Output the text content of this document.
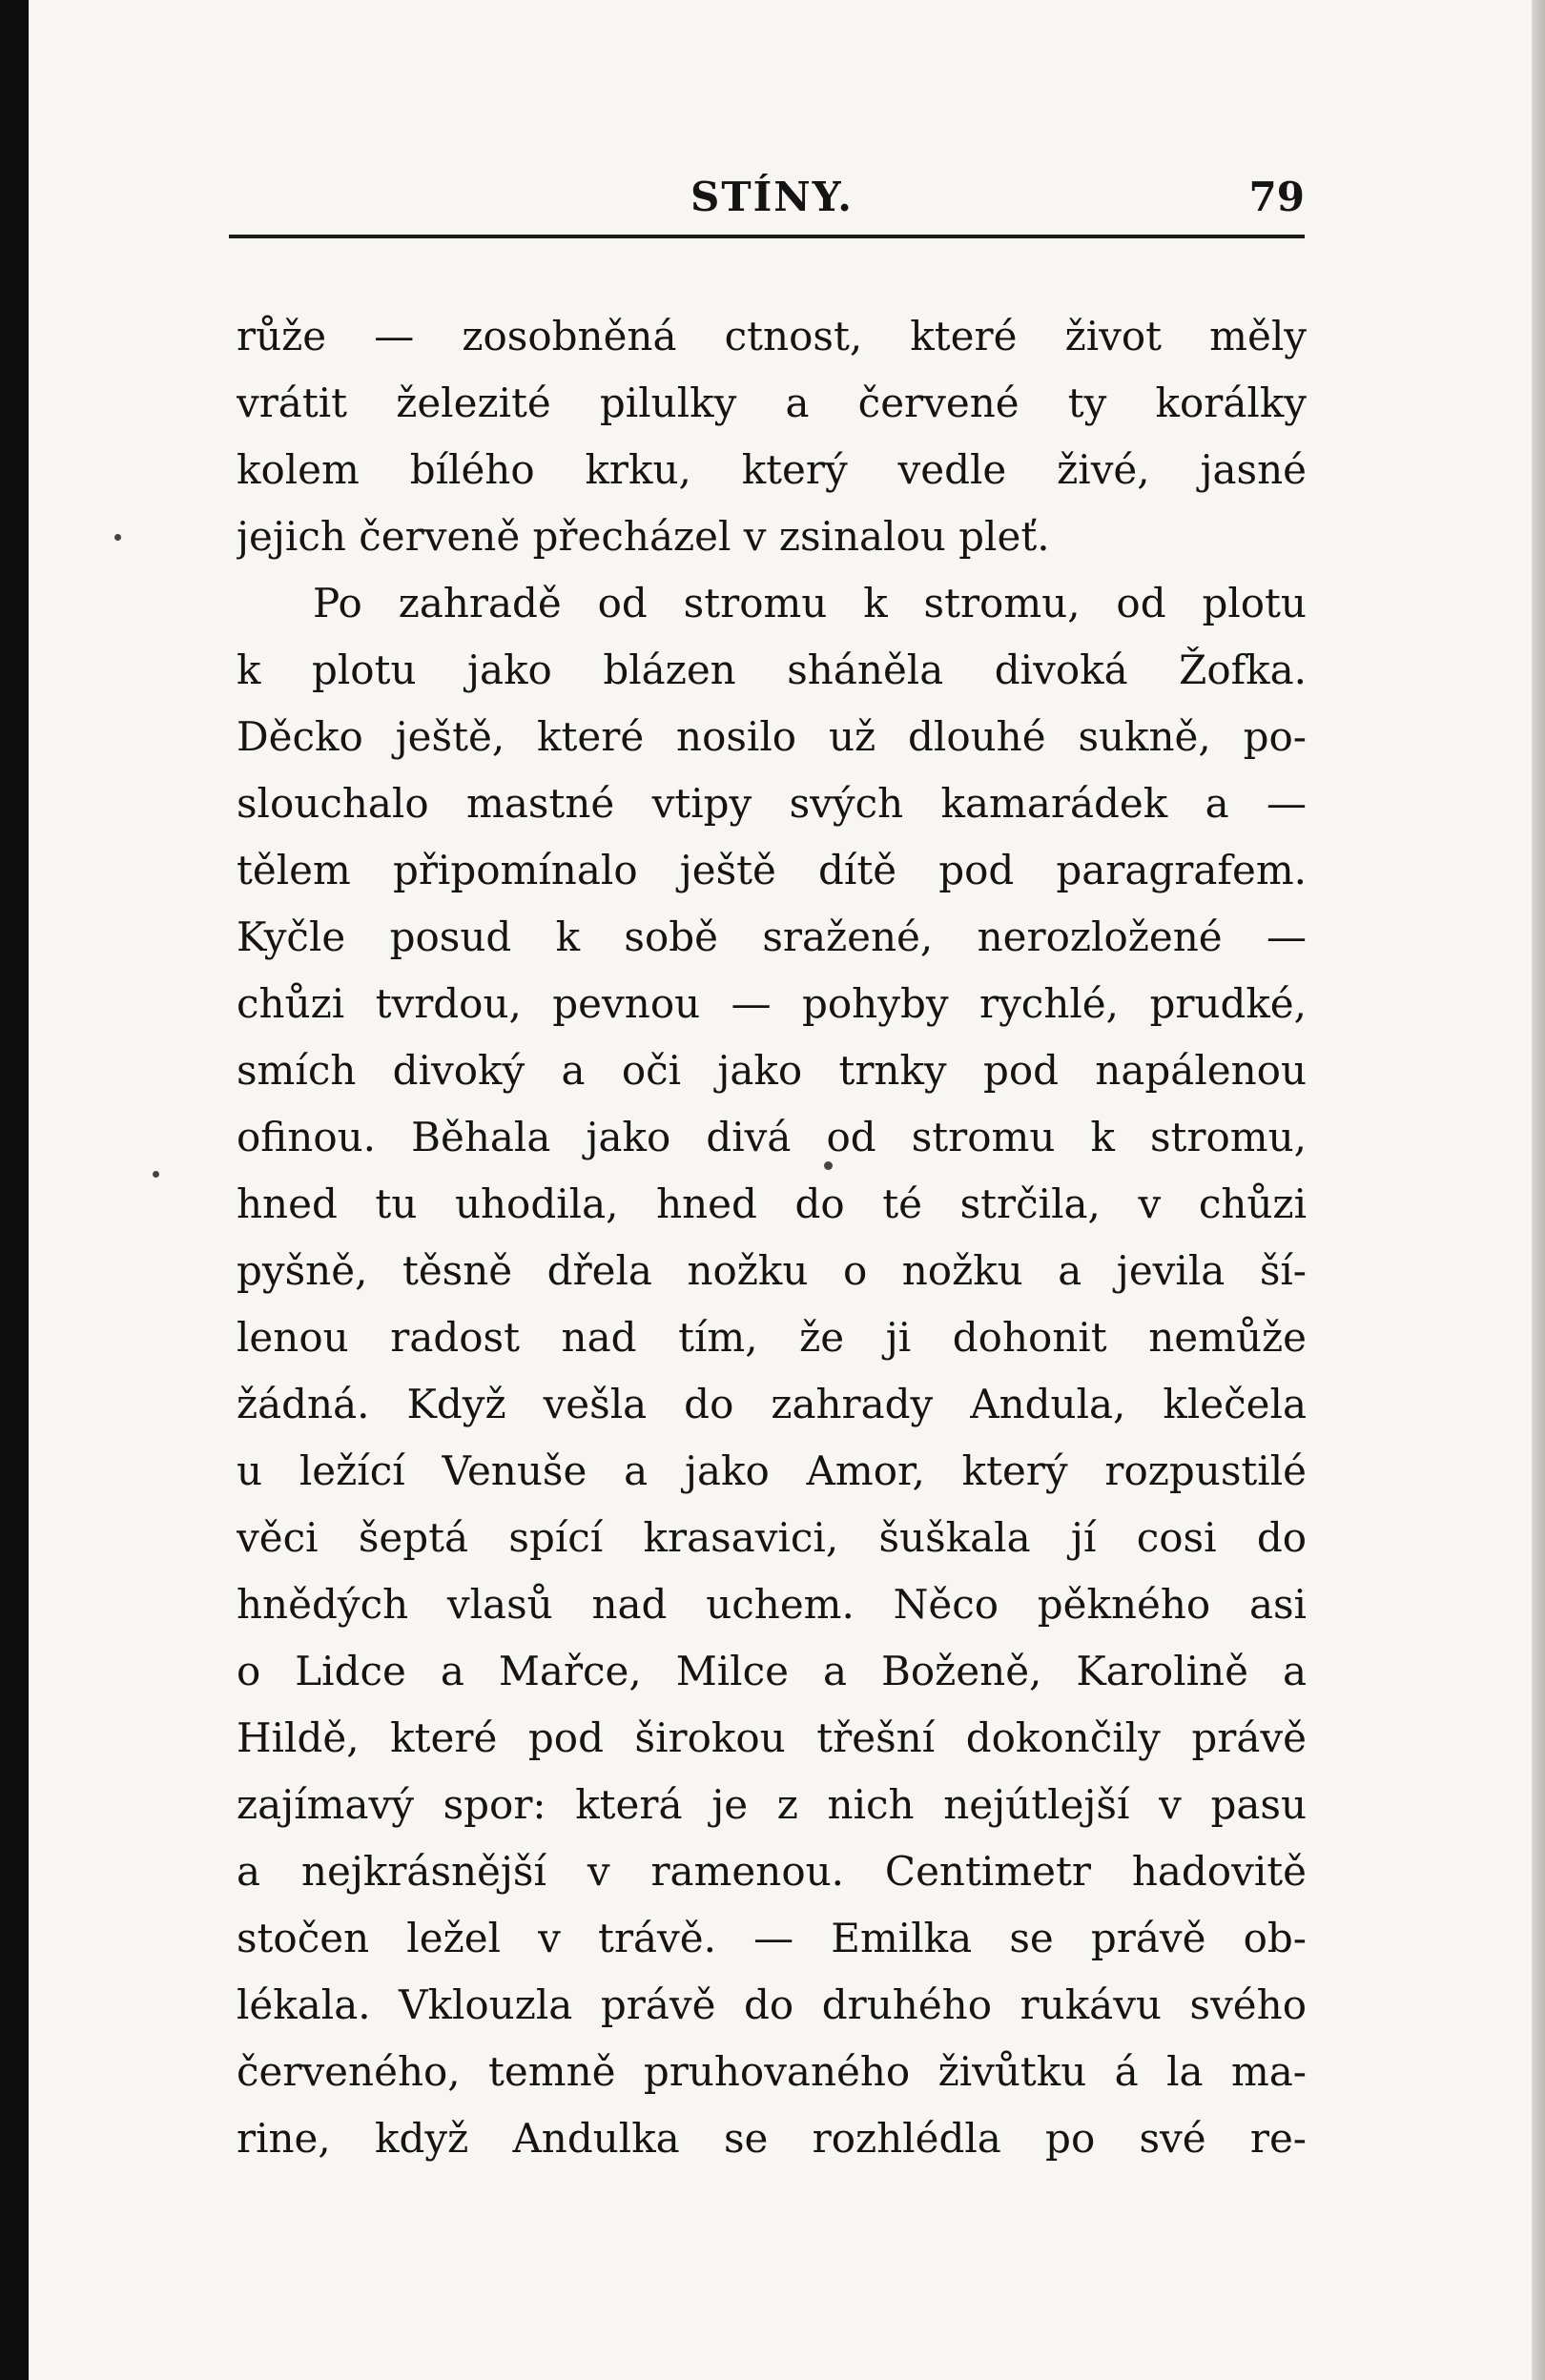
STÍNY.	79
růže — zosobněná ctnost, které život měly
vrátit železité pilulky a červené ty korálky
kolem bílého krku, který vedle živé, jasné
jejich červeně přecházel v zsinalou pleť.
Po zahradě od stromu k stromu, od plotu
k plotu jako blázen sháněla divoká Žofka.
Děcko ještě, které nosilo už dlouhé sukně, po-
slouchalo mastné vtipy svých kamarádek a —
tělem připomínalo ještě dítě pod paragrafem.
Kyčle posud k sobě sražené, nerozložené —
chůzi tvrdou, pevnou — pohyby rychlé, prudké,
smích divoký a oči jako trnky pod napálenou
ofinou. Běhala jako divá od stromu k stromu,
hned tu uhodila, hned do té strčila, v chůzi
pyšně, těsně dřela nožku o nožku a jevila ší-
lenou radost nad tím, že ji dohonit nemůže
žádná. Když vešla do zahrady Andula, klečela
u ležící Venuše a jako Amor, který rozpustilé
věci šeptá spící krasavici, šuškala jí cosi do
hnědých vlasů nad uchem. Něco pěkného asi
o Lidce a Mařce, Milce a Boženě, Karolině a
Hildě, které pod širokou třešní dokončily právě
zajímavý spor: která je z nich nejútlejší v pasu
a nejkrásnější v ramenou. Centimetr hadovitě
stočen ležel v trávě. — Emilka se právě ob-
lékala. Vklouzla právě do druhého rukávu svého
červeného, temně pruhovaného živůtku á la ma-
rine, když Andulka se rozhlédla po své re-
